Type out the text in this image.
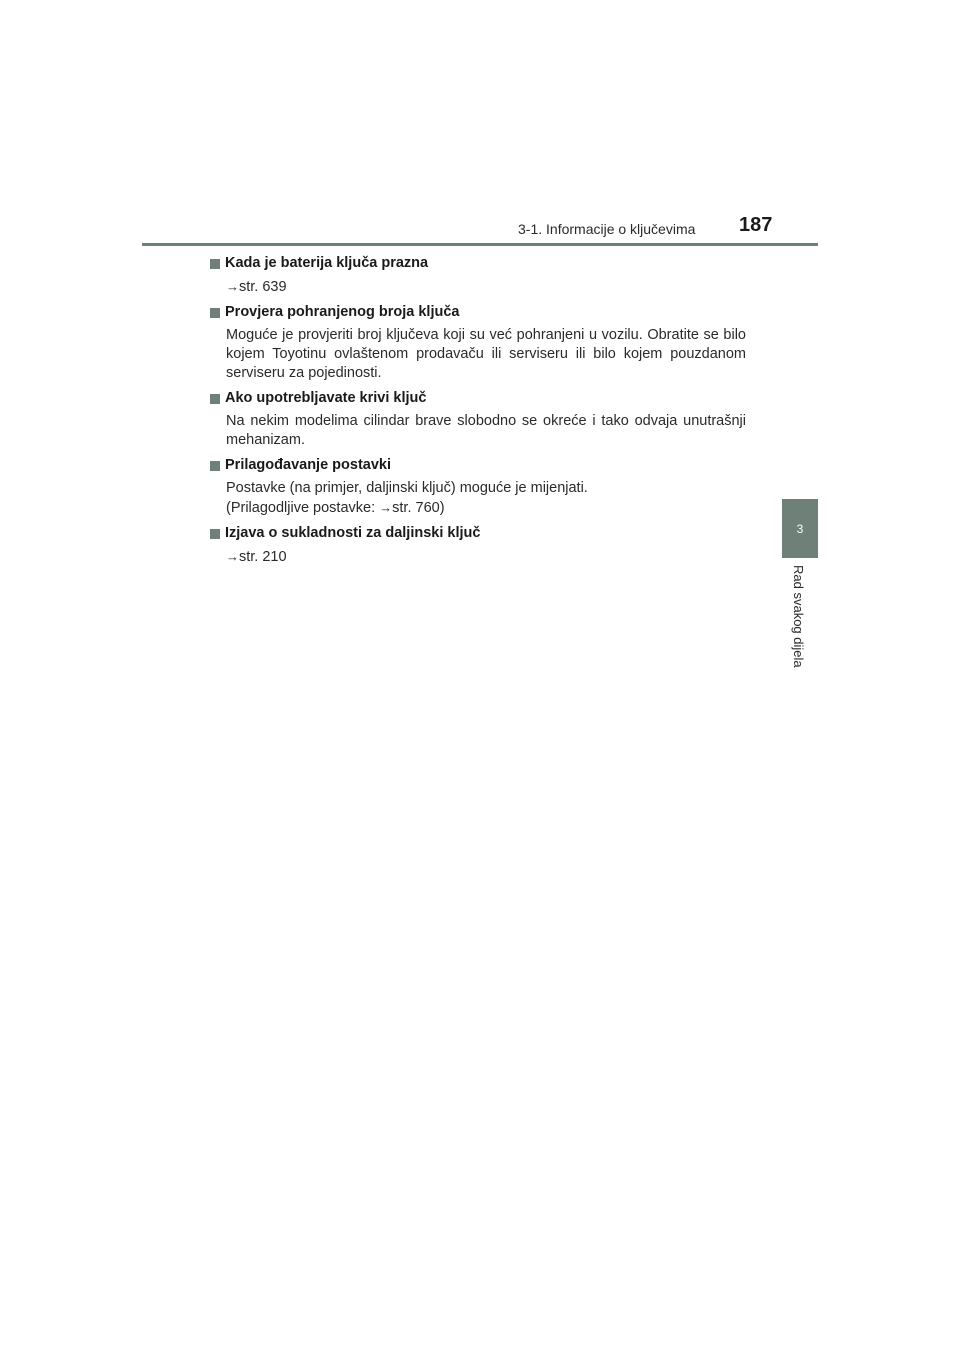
3-1. Informacije o ključevima 187
3
Rad svakog dijela
Kada je baterija ključa prazna
→str. 639
Provjera pohranjenog broja ključa
Moguće je provjeriti broj ključeva koji su već pohranjeni u vozilu. Obratite se bilo kojem Toyotinu ovlaštenom prodavaču ili serviseru ili bilo kojem pouzdanom serviseru za pojedinosti.
Ako upotrebljavate krivi ključ
Na nekim modelima cilindar brave slobodno se okreće i tako odvaja unutrašnji mehanizam.
Prilagođavanje postavki
Postavke (na primjer, daljinski ključ) moguće je mijenjati.
(Prilagodljive postavke: →str. 760)
Izjava o sukladnosti za daljinski ključ
→str. 210
